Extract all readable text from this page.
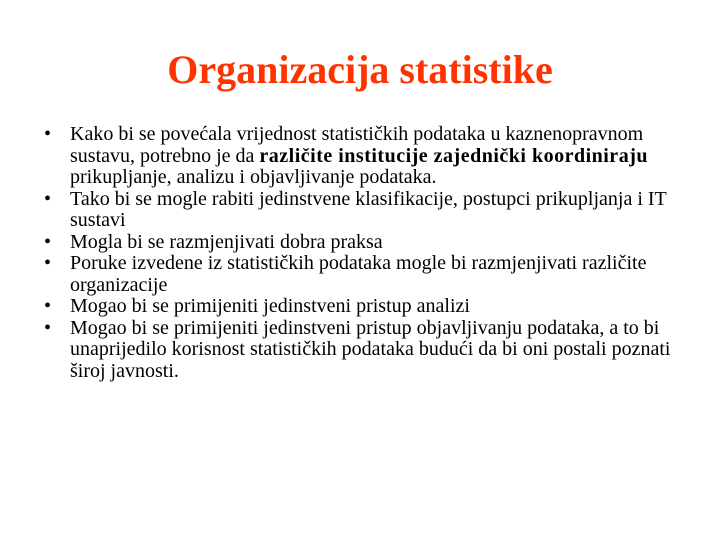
Organizacija statistike
• Kako bi se povećala vrijednost statističkih podataka u kaznenopravnom sustavu, potrebno je da različite institucije zajednički koordiniraju prikupljanje, analizu i objavljivanje podataka.
• Tako bi se mogle rabiti jedinstvene klasifikacije, postupci prikupljanja i IT sustavi
• Mogla bi se razmjenjivati dobra praksa
• Poruke izvedene iz statističkih podataka mogle bi razmjenjivati različite organizacije
• Mogao bi se primijeniti jedinstveni pristup analizi
• Mogao bi se primijeniti jedinstveni pristup objavljivanju podataka, a to bi unaprijedilo korisnost statističkih podataka budući da bi oni postali poznati široj javnosti.
